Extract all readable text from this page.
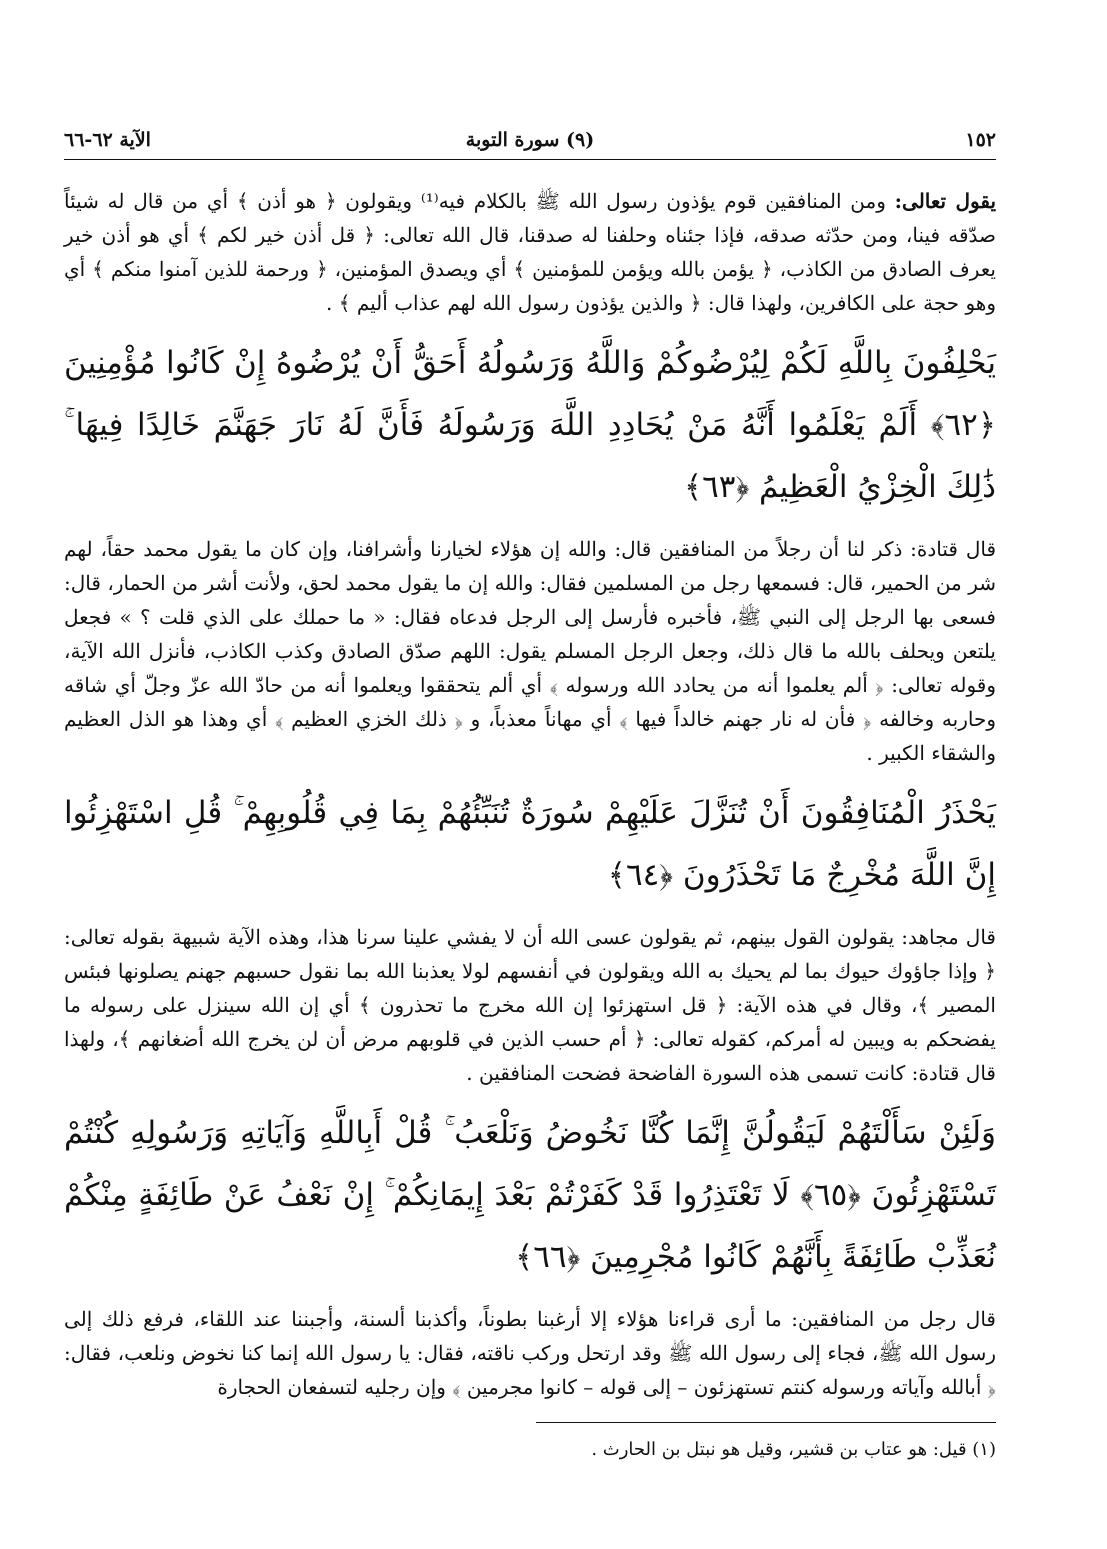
١٥٢
(٩) سورة التوبة
الآية ٦٢-٦٦

يقول تعالى: ومن المنافقين قوم يؤذون رسول الله ﷺ بالكلام فيه⁽¹⁾ ويقولون ﴿ هو أذن ﴾ أي من قال له شيئاً صدّقه فينا، ومن حدّثه صدقه، فإذا جئناه وحلفنا له صدقنا، قال الله تعالى: ﴿ قل أذن خير لكم ﴾ أي هو أذن خير يعرف الصادق من الكاذب، ﴿ يؤمن بالله ويؤمن للمؤمنين ﴾ أي ويصدق المؤمنين، ﴿ ورحمة للذين آمنوا منكم ﴾ أي وهو حجة على الكافرين، ولهذا قال: ﴿ والذين يؤذون رسول الله لهم عذاب أليم ﴾ .

يَحْلِفُونَ بِاللَّهِ لَكُمْ لِيُرْضُوكُمْ وَاللَّهُ وَرَسُولُهُ أَحَقُّ أَنْ يُرْضُوهُ إِنْ كَانُوا مُؤْمِنِينَ ﴿٦٢﴾ أَلَمْ يَعْلَمُوا أَنَّهُ مَنْ يُحَادِدِ اللَّهَ وَرَسُولَهُ فَأَنَّ لَهُ نَارَ جَهَنَّمَ خَالِدًا فِيهَا ۚ ذَٰلِكَ الْخِزْيُ الْعَظِيمُ ﴿٦٣﴾

قال قتادة: ذكر لنا أن رجلاً من المنافقين قال: والله إن هؤلاء لخيارنا وأشرافنا، وإن كان ما يقول محمد حقاً، لهم شر من الحمير، قال: فسمعها رجل من المسلمين فقال: والله إن ما يقول محمد لحق، ولأنت أشر من الحمار، قال: فسعى بها الرجل إلى النبي ﷺ، فأخبره فأرسل إلى الرجل فدعاه فقال: « ما حملك على الذي قلت ؟ » فجعل يلتعن ويحلف بالله ما قال ذلك، وجعل الرجل المسلم يقول: اللهم صدّق الصادق وكذب الكاذب، فأنزل الله الآية، وقوله تعالى: ﴿ ألم يعلموا أنه من يحادد الله ورسوله ﴾ أي ألم يتحققوا ويعلموا أنه من حادّ الله عزّ وجلّ أي شاقه وحاربه وخالفه ﴿ فأن له نار جهنم خالداً فيها ﴾ أي مهاناً معذباً، و ﴿ ذلك الخزي العظيم ﴾ أي وهذا هو الذل العظيم والشقاء الكبير .

يَحْذَرُ الْمُنَافِقُونَ أَنْ تُنَزَّلَ عَلَيْهِمْ سُورَةٌ تُنَبِّئُهُمْ بِمَا فِي قُلُوبِهِمْ ۚ قُلِ اسْتَهْزِئُوا إِنَّ اللَّهَ مُخْرِجٌ مَا تَحْذَرُونَ ﴿٦٤﴾

قال مجاهد: يقولون القول بينهم، ثم يقولون عسى الله أن لا يفشي علينا سرنا هذا، وهذه الآية شبيهة بقوله تعالى: ﴿ وإذا جاؤوك حيوك بما لم يحيك به الله ويقولون في أنفسهم لولا يعذبنا الله بما نقول حسبهم جهنم يصلونها فبئس المصير ﴾، وقال في هذه الآية: ﴿ قل استهزئوا إن الله مخرج ما تحذرون ﴾ أي إن الله سينزل على رسوله ما يفضحكم به ويبين له أمركم، كقوله تعالى: ﴿ أم حسب الذين في قلوبهم مرض أن لن يخرج الله أضغانهم ﴾، ولهذا قال قتادة: كانت تسمى هذه السورة الفاضحة فضحت المنافقين .

وَلَئِنْ سَأَلْتَهُمْ لَيَقُولُنَّ إِنَّمَا كُنَّا نَخُوضُ وَنَلْعَبُ ۚ قُلْ أَبِاللَّهِ وَآيَاتِهِ وَرَسُولِهِ كُنْتُمْ تَسْتَهْزِئُونَ ﴿٦٥﴾ لَا تَعْتَذِرُوا قَدْ كَفَرْتُمْ بَعْدَ إِيمَانِكُمْ ۚ إِنْ نَعْفُ عَنْ طَائِفَةٍ مِنْكُمْ نُعَذِّبْ طَائِفَةً بِأَنَّهُمْ كَانُوا مُجْرِمِينَ ﴿٦٦﴾

قال رجل من المنافقين: ما أرى قراءنا هؤلاء إلا أرغبنا بطوناً، وأكذبنا ألسنة، وأجبننا عند اللقاء، فرفع ذلك إلى رسول الله ﷺ، فجاء إلى رسول الله ﷺ وقد ارتحل وركب ناقته، فقال: يا رسول الله إنما كنا نخوض ونلعب، فقال: ﴿ أبالله وآياته ورسوله كنتم تستهزئون – إلى قوله – كانوا مجرمين ﴾ وإن رجليه لتسفعان الحجارة

(١) قيل: هو عتاب بن قشير، وقيل هو نبتل بن الحارث .
